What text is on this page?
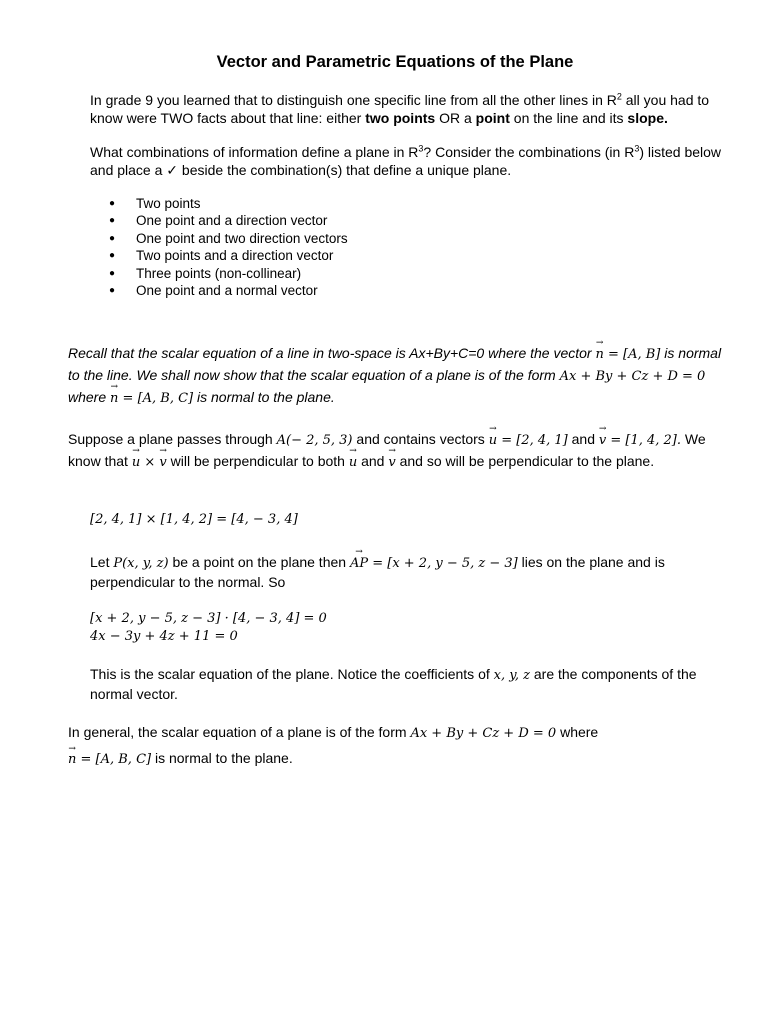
Vector and Parametric Equations of the Plane
In grade 9 you learned that to distinguish one specific line from all the other lines in $R^2$ all you had to know were TWO facts about that line: either two points OR a point on the line and its slope.
What combinations of information define a plane in $R^3$? Consider the combinations (in $R^3$) listed below and place a ✓ beside the combination(s) that define a unique plane.
● Two points
● One point and a direction vector
● One point and two direction vectors
● Two points and a direction vector
● Three points (non-collinear)
● One point and a normal vector
Recall that the scalar equation of a line in two-space is Ax+By+C=0 where the vector → n = [A, B] is normal to the line. We shall now show that the scalar equation of a plane is of the form Ax + By + Cz + D = 0 where → n = [A, B, C] is normal to the plane.
Suppose a plane passes through A(− 2, 5, 3) and contains vectors → u = [2, 4, 1] and → v = [1, 4, 2]. We know that → u × → v will be perpendicular to both → u and → v and so will be perpendicular to the plane.
[2, 4, 1] × [1, 4, 2] = [4, − 3, 4]
Let P(x, y, z) be a point on the plane then → AP = [x + 2, y − 5, z − 3] lies on the plane and is perpendicular to the normal. So
[x + 2, y − 5, z − 3] · [4, − 3, 4] = 0
4x − 3y + 4z + 11 = 0
This is the scalar equation of the plane. Notice the coefficients of x, y, z are the components of the normal vector.
In general, the scalar equation of a plane is of the form Ax + By + Cz + D = 0 where
→ n = [A, B, C] is normal to the plane.
